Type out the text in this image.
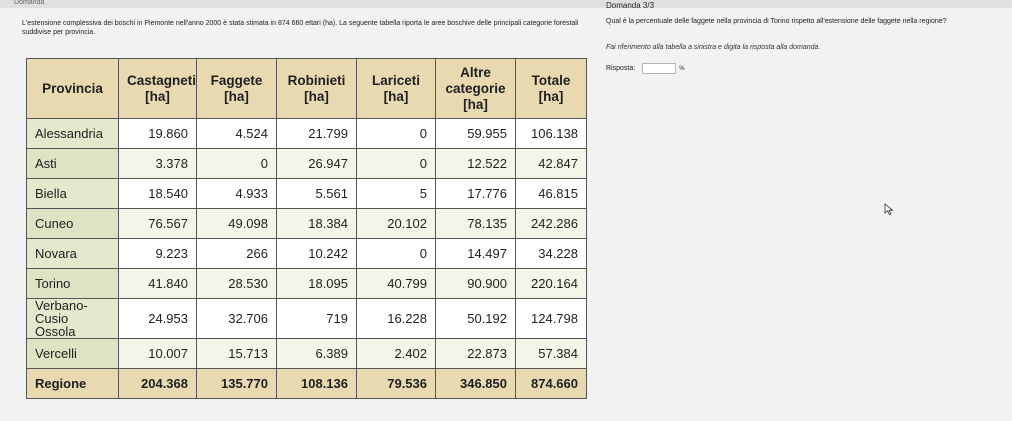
Domanda	Domanda 3/3
L'estensione complessiva dei boschi in Piemonte nell'anno 2000 è stata stimata in 874 660 ettari (ha). La seguente tabella riporta le aree boschive delle principali categorie forestali suddivise per provincia.
Qual è la percentuale delle faggete nella provincia di Torino rispetto all'estensione delle faggete nella regione?
Fai riferimento alla tabella a sinistra e digita la risposta alla domanda.
Risposta:	%
Provincia	Castagneti [ha]	Faggete [ha]	Robinieti [ha]	Lariceti [ha]	Altre categorie [ha]	Totale [ha]
Alessandria	19.860	4.524	21.799	0	59.955	106.138
Asti	3.378	0	26.947	0	12.522	42.847
Biella	18.540	4.933	5.561	5	17.776	46.815
Cuneo	76.567	49.098	18.384	20.102	78.135	242.286
Novara	9.223	266	10.242	0	14.497	34.228
Torino	41.840	28.530	18.095	40.799	90.900	220.164
Verbano-Cusio Ossola	24.953	32.706	719	16.228	50.192	124.798
Vercelli	10.007	15.713	6.389	2.402	22.873	57.384
Regione	204.368	135.770	108.136	79.536	346.850	874.660
